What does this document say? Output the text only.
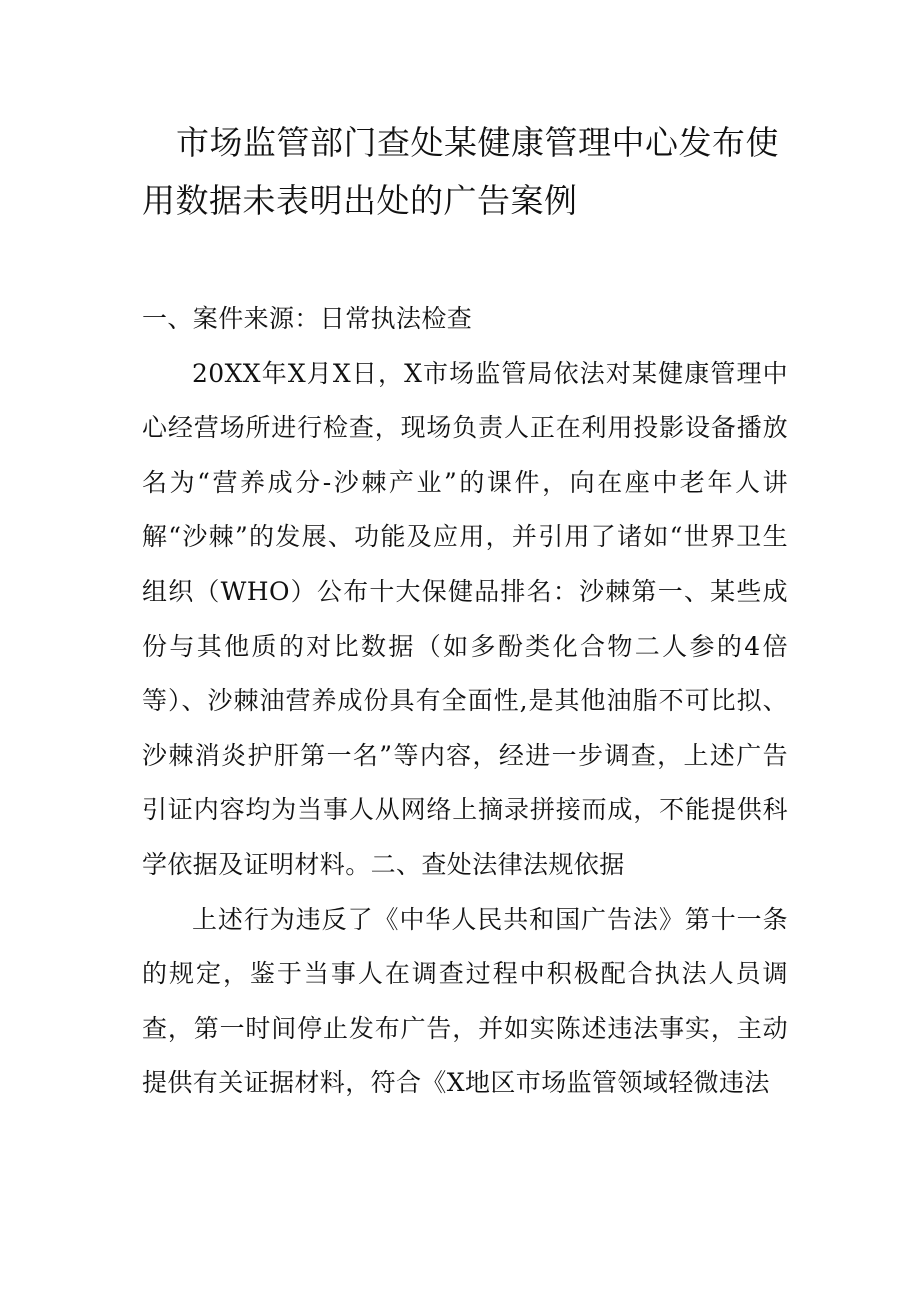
市场监管部门查处某健康管理中心发布使用数据未表明出处的广告案例

一、案件来源：日常执法检查

20XX年X月X日，X市场监管局依法对某健康管理中心经营场所进行检查，现场负责人正在利用投影设备播放名为“营养成分-沙棘产业”的课件，向在座中老年人讲解“沙棘”的发展、功能及应用，并引用了诸如“世界卫生组织（WHO）公布十大保健品排名：沙棘第一、某些成份与其他质的对比数据（如多酚类化合物二人参的4倍等）、沙棘油营养成份具有全面性,是其他油脂不可比拟、沙棘消炎护肝第一名”等内容，经进一步调查，上述广告引证内容均为当事人从网络上摘录拼接而成，不能提供科学依据及证明材料。二、查处法律法规依据

上述行为违反了《中华人民共和国广告法》第十一条的规定，鉴于当事人在调查过程中积极配合执法人员调查，第一时间停止发布广告，并如实陈述违法事实，主动提供有关证据材料，符合《X地区市场监管领域轻微违法
